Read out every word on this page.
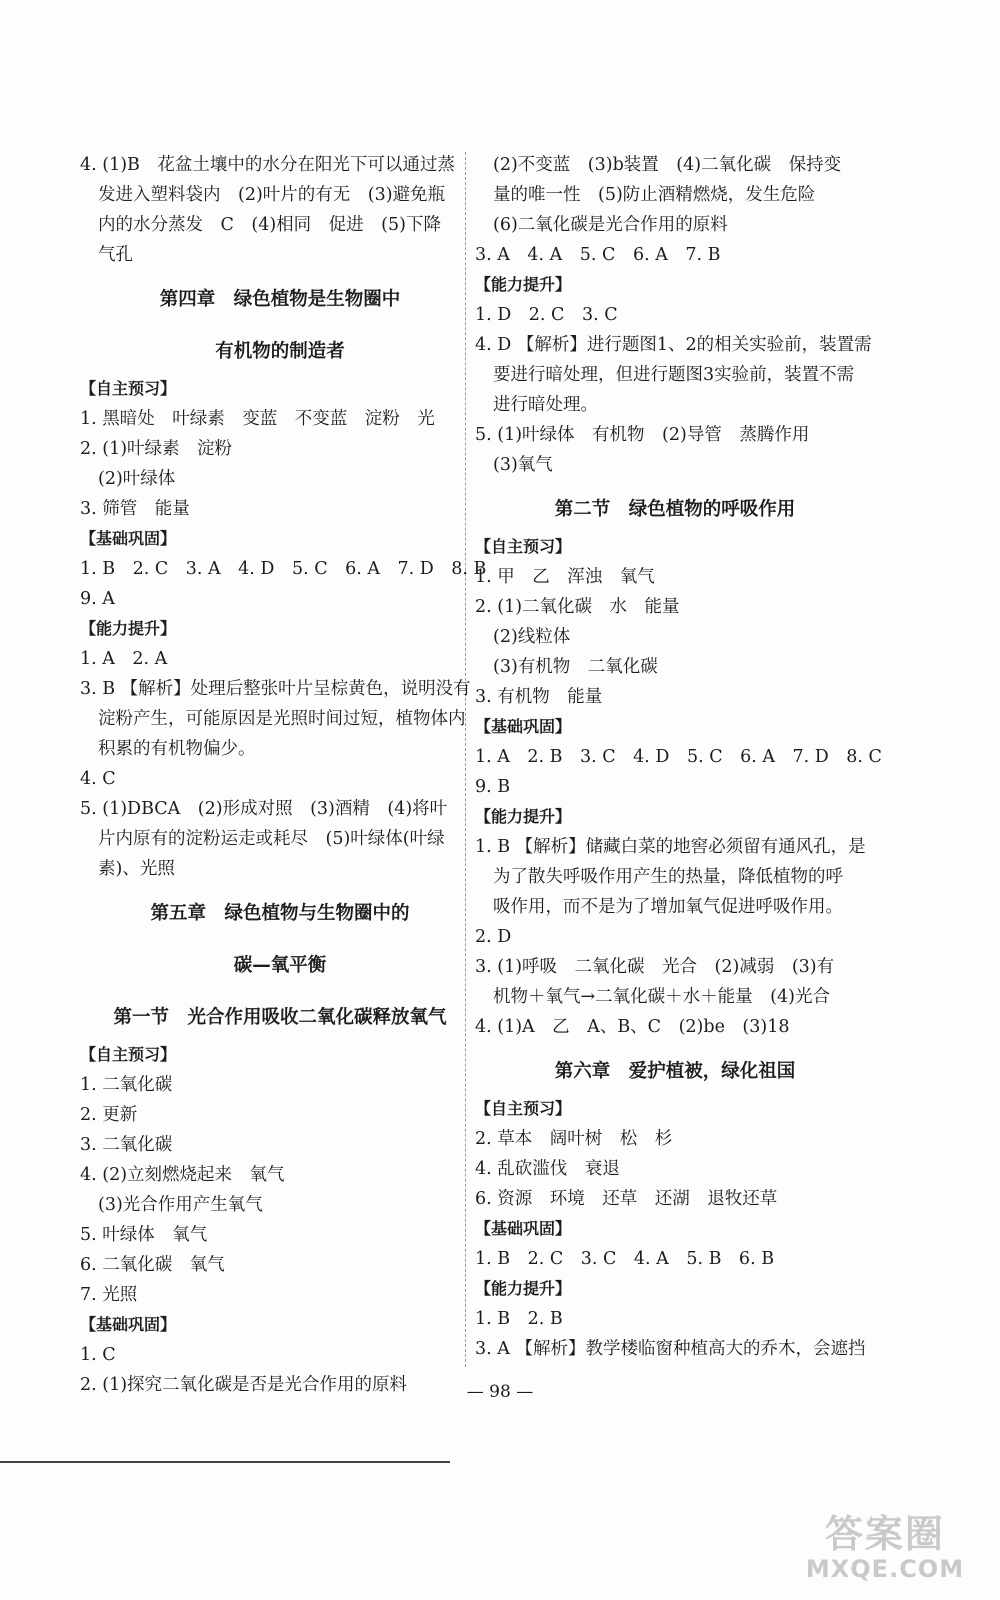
4. (1)B　花盆土壤中的水分在阳光下可以通过蒸
发进入塑料袋内　(2)叶片的有无　(3)避免瓶
内的水分蒸发　C　(4)相同　促进　(5)下降
气孔
第四章　绿色植物是生物圈中
有机物的制造者
【自主预习】
1. 黑暗处　叶绿素　变蓝　不变蓝　淀粉　光
2. (1)叶绿素　淀粉
(2)叶绿体
3. 筛管　能量
【基础巩固】
1. B　2. C　3. A　4. D　5. C　6. A　7. D　8. B
9. A
【能力提升】
1. A　2. A
3. B 【解析】处理后整张叶片呈棕黄色，说明没有
淀粉产生，可能原因是光照时间过短，植物体内
积累的有机物偏少。
4. C
5. (1)DBCA　(2)形成对照　(3)酒精　(4)将叶
片内原有的淀粉运走或耗尽　(5)叶绿体(叶绿
素)、光照
第五章　绿色植物与生物圈中的
碳—氧平衡
第一节　光合作用吸收二氧化碳释放氧气
【自主预习】
1. 二氧化碳
2. 更新
3. 二氧化碳
4. (2)立刻燃烧起来　氧气
(3)光合作用产生氧气
5. 叶绿体　氧气
6. 二氧化碳　氧气
7. 光照
【基础巩固】
1. C
2. (1)探究二氧化碳是否是光合作用的原料
(2)不变蓝　(3)b装置　(4)二氧化碳　保持变
量的唯一性　(5)防止酒精燃烧，发生危险
(6)二氧化碳是光合作用的原料
3. A　4. A　5. C　6. A　7. B
【能力提升】
1. D　2. C　3. C
4. D 【解析】进行题图1、2的相关实验前，装置需
要进行暗处理，但进行题图3实验前，装置不需
进行暗处理。
5. (1)叶绿体　有机物　(2)导管　蒸腾作用
(3)氧气
第二节　绿色植物的呼吸作用
【自主预习】
1. 甲　乙　浑浊　氧气
2. (1)二氧化碳　水　能量
(2)线粒体
(3)有机物　二氧化碳
3. 有机物　能量
【基础巩固】
1. A　2. B　3. C　4. D　5. C　6. A　7. D　8. C
9. B
【能力提升】
1. B 【解析】储藏白菜的地窖必须留有通风孔，是
为了散失呼吸作用产生的热量，降低植物的呼
吸作用，而不是为了增加氧气促进呼吸作用。
2. D
3. (1)呼吸　二氧化碳　光合　(2)减弱　(3)有
机物＋氧气→二氧化碳＋水＋能量　(4)光合
4. (1)A　乙　A、B、C　(2)be　(3)18
第六章　爱护植被，绿化祖国
【自主预习】
2. 草本　阔叶树　松　杉
4. 乱砍滥伐　衰退
6. 资源　环境　还草　还湖　退牧还草
【基础巩固】
1. B　2. C　3. C　4. A　5. B　6. B
【能力提升】
1. B　2. B
3. A 【解析】教学楼临窗种植高大的乔木，会遮挡
— 98 —
答案圈
MXQE.COM
